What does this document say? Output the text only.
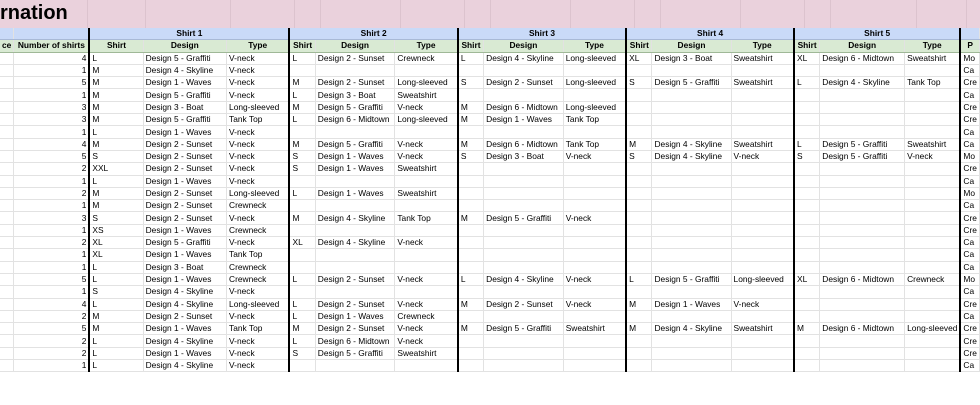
rnation
		Shirt 1			Shirt 2			Shirt 3			Shirt 4			Shirt 5			
ce	Number of shirts	Shirt	Design	Type	Shirt	Design	Type	Shirt	Design	Type	Shirt	Design	Type	Shirt	Design	Type	P
	4	L	Design 5 - Graffiti	V-neck	L	Design 2 - Sunset	Crewneck	L	Design 4 - Skyline	Long-sleeved	XL	Design 3 - Boat	Sweatshirt	XL	Design 6 - Midtown	Sweatshirt	Mo
	1	M	Design 4 - Skyline	V-neck													Ca
	5	M	Design 1 - Waves	V-neck	M	Design 2 - Sunset	Long-sleeved	S	Design 2 - Sunset	Long-sleeved	S	Design 5 - Graffiti	Sweatshirt	L	Design 4 - Skyline	Tank Top	Cre
	1	M	Design 5 - Graffiti	V-neck	L	Design 3 - Boat	Sweatshirt										Ca
	3	M	Design 3 - Boat	Long-sleeved	M	Design 5 - Graffiti	V-neck	M	Design 6 - Midtown	Long-sleeved							Cre
	3	M	Design 5 - Graffiti	Tank Top	L	Design 6 - Midtown	Long-sleeved	M	Design 1 - Waves	Tank Top							Cre
	1	L	Design 1 - Waves	V-neck													Ca
	4	M	Design 2 - Sunset	V-neck	M	Design 5 - Graffiti	V-neck	M	Design 6 - Midtown	Tank Top	M	Design 4 - Skyline	Sweatshirt	L	Design 5 - Graffiti	Sweatshirt	Ca
	5	S	Design 2 - Sunset	V-neck	S	Design 1 - Waves	V-neck	S	Design 3 - Boat	V-neck	S	Design 4 - Skyline	V-neck	S	Design 5 - Graffiti	V-neck	Mo
	2	XXL	Design 2 - Sunset	V-neck	S	Design 1 - Waves	Sweatshirt										Cre
	1	L	Design 1 - Waves	V-neck													Ca
	2	M	Design 2 - Sunset	Long-sleeved	L	Design 1 - Waves	Sweatshirt										Mo
	1	M	Design 2 - Sunset	Crewneck													Ca
	3	S	Design 2 - Sunset	V-neck	M	Design 4 - Skyline	Tank Top	M	Design 5 - Graffiti	V-neck							Cre
	1	XS	Design 1 - Waves	Crewneck													Cre
	2	XL	Design 5 - Graffiti	V-neck	XL	Design 4 - Skyline	V-neck										Ca
	1	XL	Design 1 - Waves	Tank Top													Ca
	1	L	Design 3 - Boat	Crewneck													Ca
	5	L	Design 1 - Waves	Crewneck	L	Design 2 - Sunset	V-neck	L	Design 4 - Skyline	V-neck	L	Design 5 - Graffiti	Long-sleeved	XL	Design 6 - Midtown	Crewneck	Mo
	1	S	Design 4 - Skyline	V-neck													Ca
	4	L	Design 4 - Skyline	Long-sleeved	L	Design 2 - Sunset	V-neck	M	Design 2 - Sunset	V-neck	M	Design 1 - Waves	V-neck				Cre
	2	M	Design 2 - Sunset	V-neck	L	Design 1 - Waves	Crewneck										Ca
	5	M	Design 1 - Waves	Tank Top	M	Design 2 - Sunset	V-neck	M	Design 5 - Graffiti	Sweatshirt	M	Design 4 - Skyline	Sweatshirt	M	Design 6 - Midtown	Long-sleeved	Cre
	2	L	Design 4 - Skyline	V-neck	L	Design 6 - Midtown	V-neck										Cre
	2	L	Design 1 - Waves	V-neck	S	Design 5 - Graffiti	Sweatshirt										Cre
	1	L	Design 4 - Skyline	V-neck													Ca
